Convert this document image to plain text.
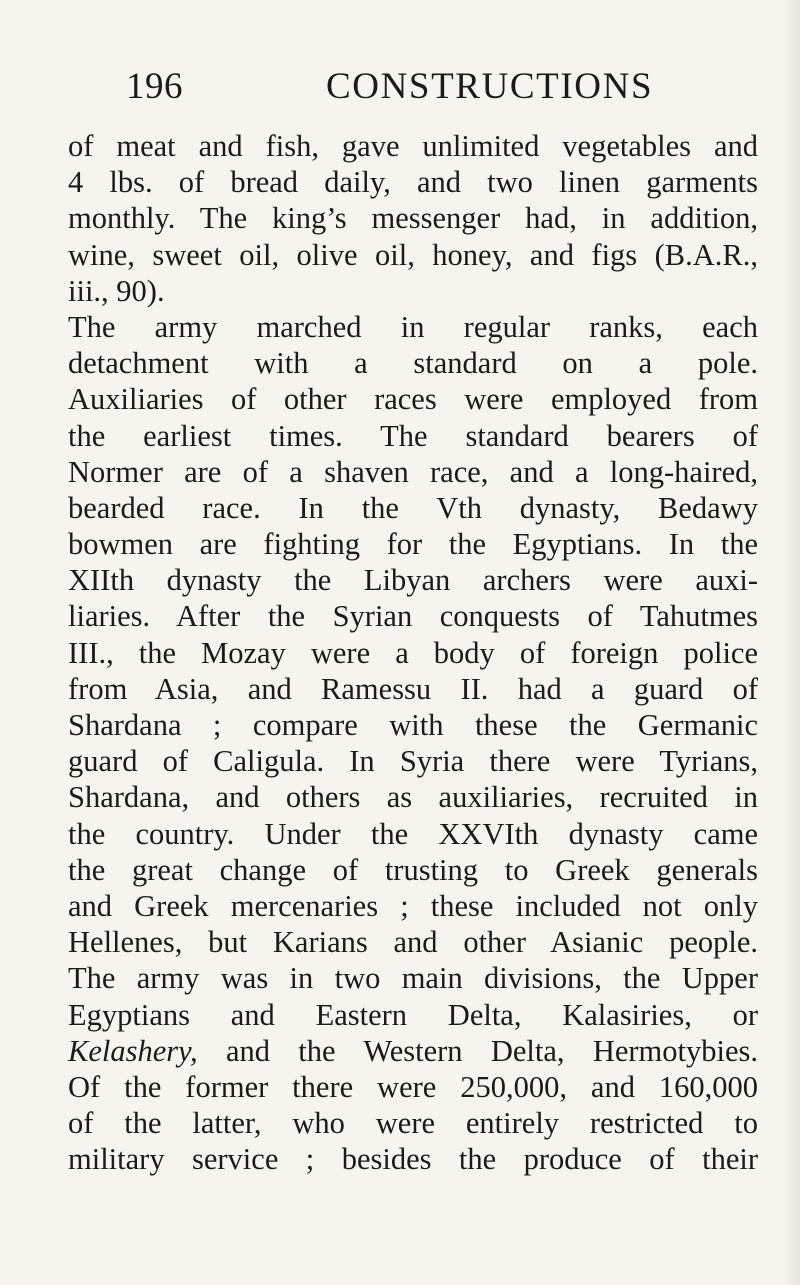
196	CONSTRUCTIONS
of meat and fish, gave unlimited vegetables and
4 lbs. of bread daily, and two linen garments
monthly. The king’s messenger had, in addition,
wine, sweet oil, olive oil, honey, and figs (B.A.R.,
iii., 90).
The army marched in regular ranks, each
detachment with a standard on a pole.
Auxiliaries of other races were employed from
the earliest times. The standard bearers of
Normer are of a shaven race, and a long-haired,
bearded race. In the Vth dynasty, Bedawy
bowmen are fighting for the Egyptians. In the
XIIth dynasty the Libyan archers were auxi-
liaries. After the Syrian conquests of Tahutmes
III., the Mozay were a body of foreign police
from Asia, and Ramessu II. had a guard of
Shardana ; compare with these the Germanic
guard of Caligula. In Syria there were Tyrians,
Shardana, and others as auxiliaries, recruited in
the country. Under the XXVIth dynasty came
the great change of trusting to Greek generals
and Greek mercenaries ; these included not only
Hellenes, but Karians and other Asianic people.
The army was in two main divisions, the Upper
Egyptians and Eastern Delta, Kalasiries, or
Kelashery, and the Western Delta, Hermotybies.
Of the former there were 250,000, and 160,000
of the latter, who were entirely restricted to
military service ; besides the produce of their
